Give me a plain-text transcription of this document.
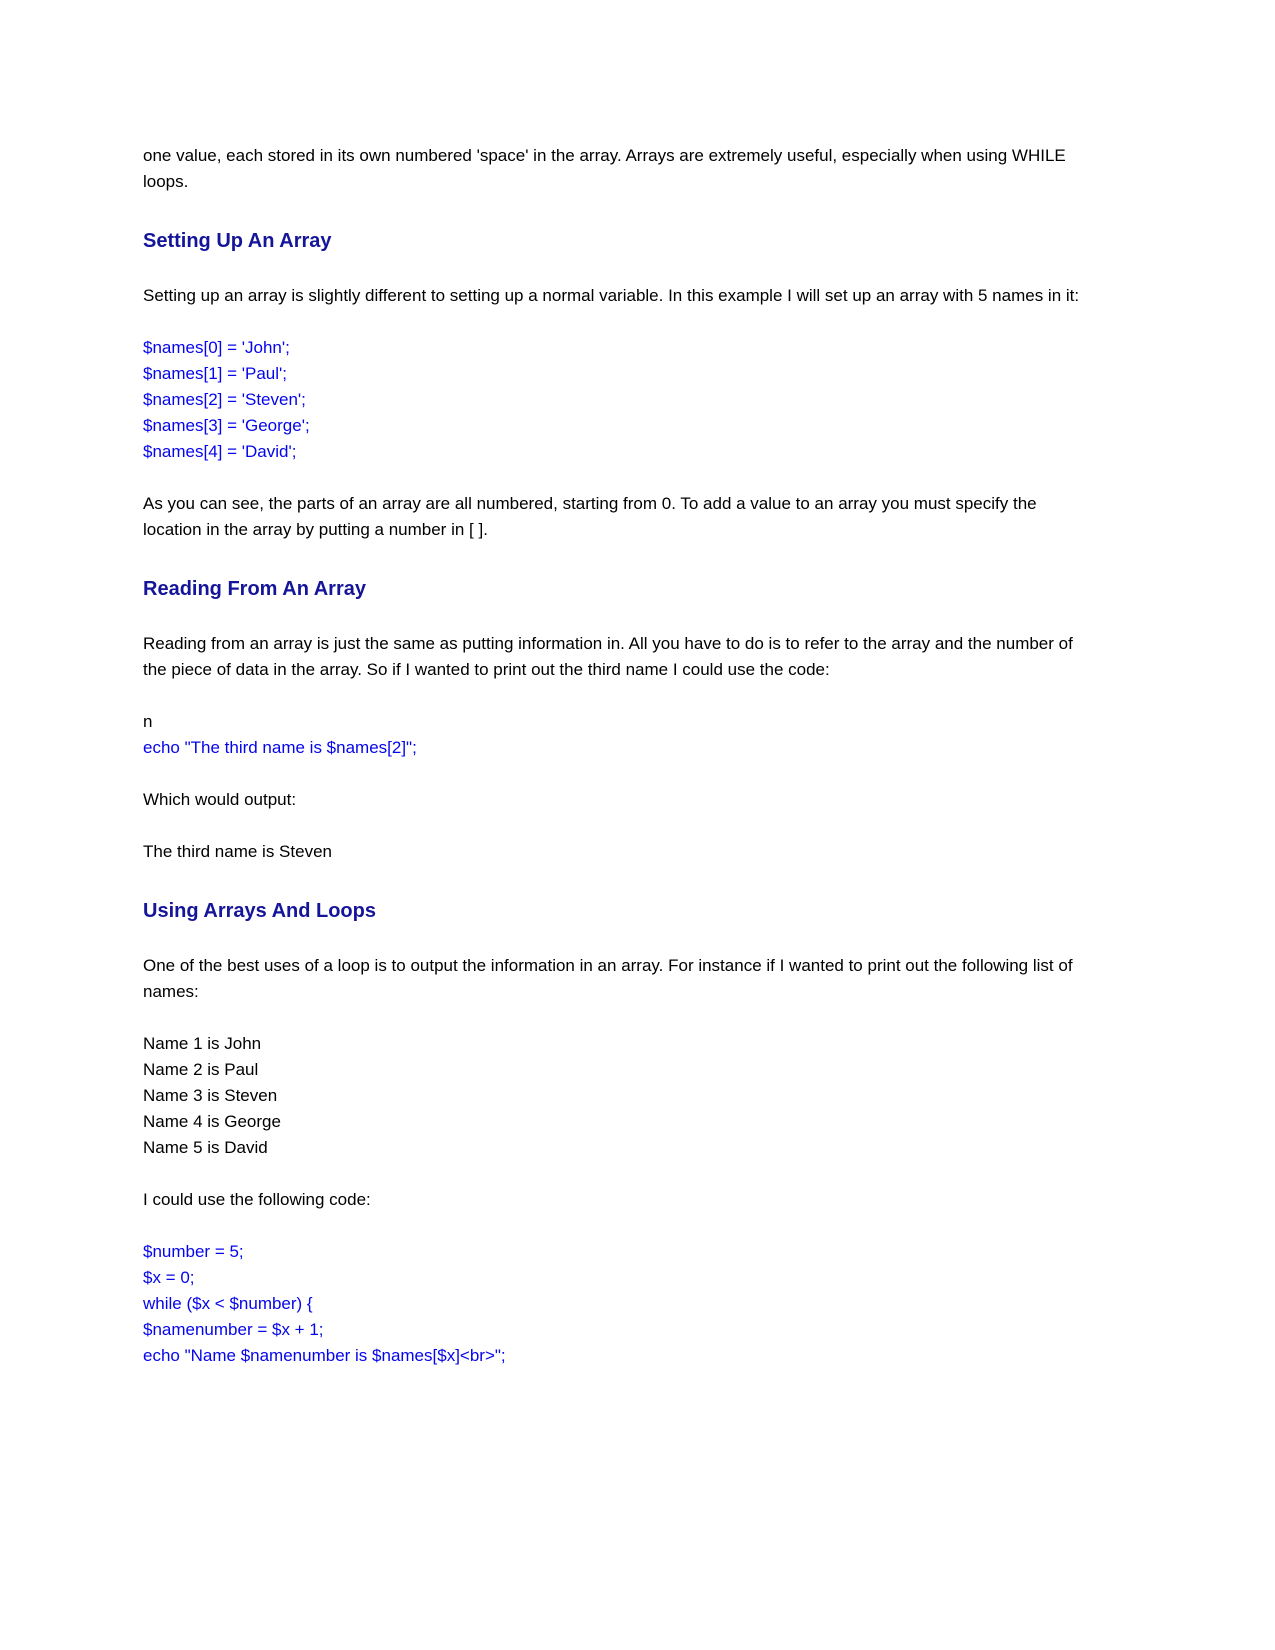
one value, each stored in its own numbered 'space' in the array. Arrays are extremely useful, especially when using WHILE loops.
Setting Up An Array
Setting up an array is slightly different to setting up a normal variable. In this example I will set up an array with 5 names in it:
$names[0] = 'John';
$names[1] = 'Paul';
$names[2] = 'Steven';
$names[3] = 'George';
$names[4] = 'David';
As you can see, the parts of an array are all numbered, starting from 0. To add a value to an array you must specify the location in the array by putting a number in [ ].
Reading From An Array
Reading from an array is just the same as putting information in. All you have to do is to refer to the array and the number of the piece of data in the array. So if I wanted to print out the third name I could use the code:
n
echo "The third name is $names[2]";
Which would output:
The third name is Steven
Using Arrays And Loops
One of the best uses of a loop is to output the information in an array. For instance if I wanted to print out the following list of names:
Name 1 is John
Name 2 is Paul
Name 3 is Steven
Name 4 is George
Name 5 is David
I could use the following code:
$number = 5;
$x = 0;
while ($x < $number) {
$namenumber = $x + 1;
echo "Name $namenumber is $names[$x]<br>";
